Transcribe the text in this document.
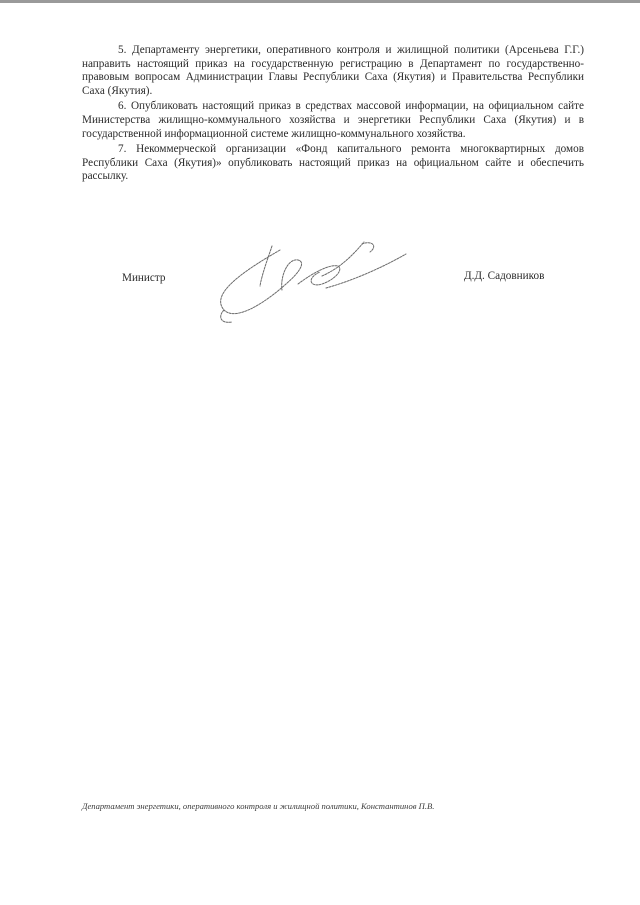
5. Департаменту энергетики, оперативного контроля и жилищной политики (Арсеньева Г.Г.) направить настоящий приказ на государственную регистрацию в Департамент по государственно-правовым вопросам Администрации Главы Республики Саха (Якутия) и Правительства Республики Саха (Якутия).

6. Опубликовать настоящий приказ в средствах массовой информации, на официальном сайте Министерства жилищно-коммунального хозяйства и энергетики Республики Саха (Якутия) и в государственной информационной системе жилищно-коммунального хозяйства.

7. Некоммерческой организации «Фонд капитального ремонта многоквартирных домов Республики Саха (Якутия)» опубликовать настоящий приказ на официальном сайте и обеспечить рассылку.

Министр	Д.Д. Садовников
Департамент энергетики, оперативного контроля и жилищной политики, Константинов П.В.
